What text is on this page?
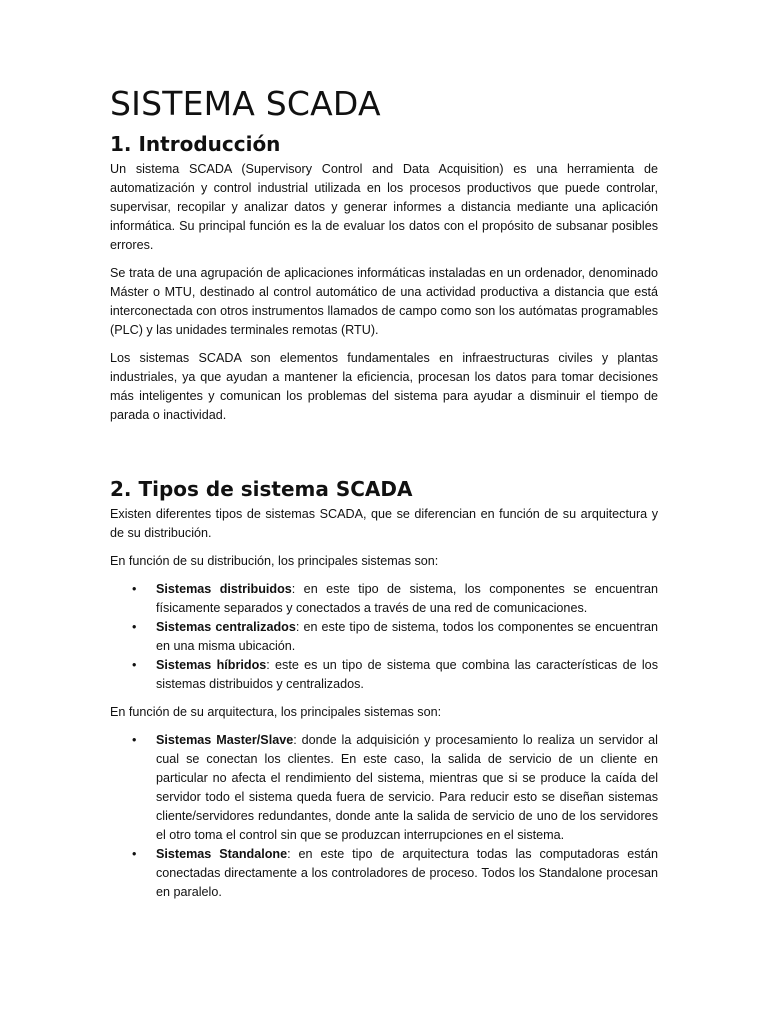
SISTEMA SCADA
1. Introducción

Un sistema SCADA (Supervisory Control and Data Acquisition) es una herramienta de automatización y control industrial utilizada en los procesos productivos que puede controlar, supervisar, recopilar y analizar datos y generar informes a distancia mediante una aplicación informática. Su principal función es la de evaluar los datos con el propósito de subsanar posibles errores.

Se trata de una agrupación de aplicaciones informáticas instaladas en un ordenador, denominado Máster o MTU, destinado al control automático de una actividad productiva a distancia que está interconectada con otros instrumentos llamados de campo como son los autómatas programables (PLC) y las unidades terminales remotas (RTU).

Los sistemas SCADA son elementos fundamentales en infraestructuras civiles y plantas industriales, ya que ayudan a mantener la eficiencia, procesan los datos para tomar decisiones más inteligentes y comunican los problemas del sistema para ayudar a disminuir el tiempo de parada o inactividad.

2. Tipos de sistema SCADA

Existen diferentes tipos de sistemas SCADA, que se diferencian en función de su arquitectura y de su distribución.

En función de su distribución, los principales sistemas son:

• Sistemas distribuidos: en este tipo de sistema, los componentes se encuentran físicamente separados y conectados a través de una red de comunicaciones.
• Sistemas centralizados: en este tipo de sistema, todos los componentes se encuentran en una misma ubicación.
• Sistemas híbridos: este es un tipo de sistema que combina las características de los sistemas distribuidos y centralizados.

En función de su arquitectura, los principales sistemas son:

• Sistemas Master/Slave: donde la adquisición y procesamiento lo realiza un servidor al cual se conectan los clientes. En este caso, la salida de servicio de un cliente en particular no afecta el rendimiento del sistema, mientras que si se produce la caída del servidor todo el sistema queda fuera de servicio. Para reducir esto se diseñan sistemas cliente/servidores redundantes, donde ante la salida de servicio de uno de los servidores el otro toma el control sin que se produzcan interrupciones en el sistema.
• Sistemas Standalone: en este tipo de arquitectura todas las computadoras están conectadas directamente a los controladores de proceso. Todos los Standalone procesan en paralelo.
